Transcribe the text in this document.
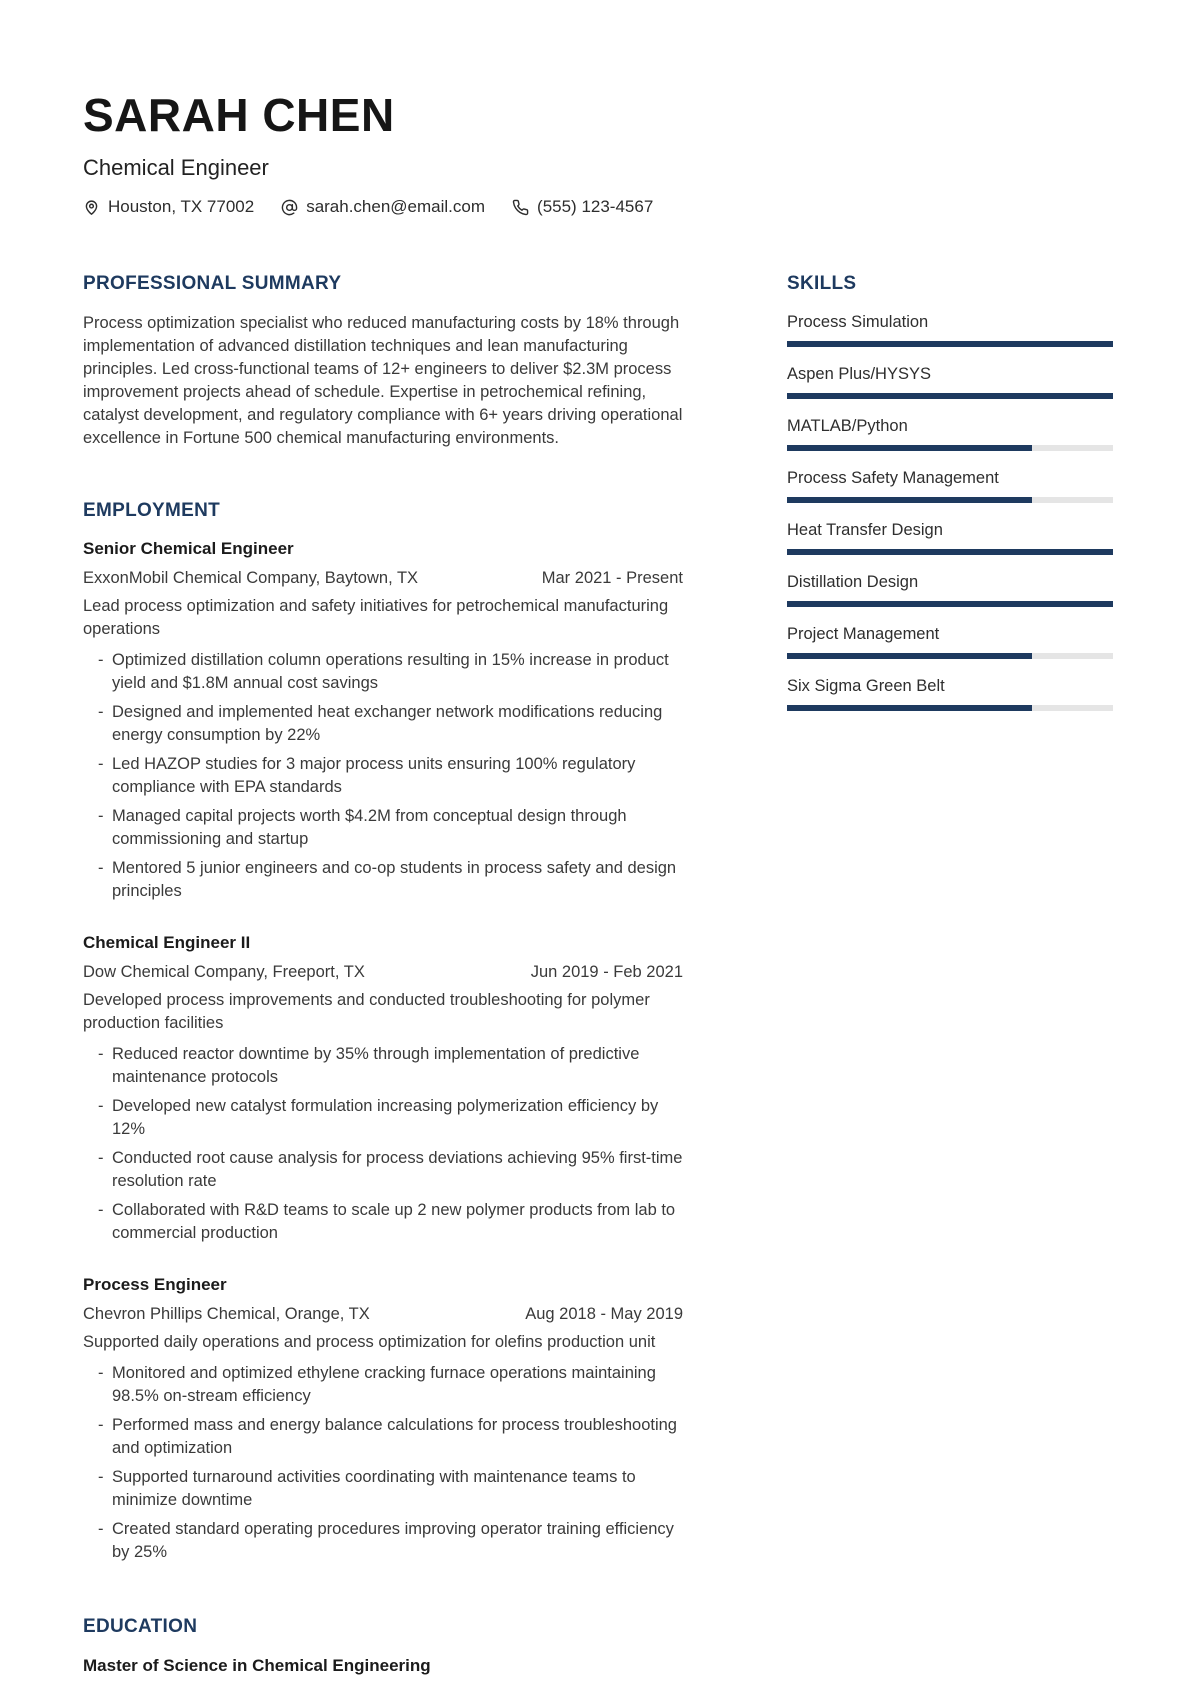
SARAH CHEN
Chemical Engineer
Houston, TX 77002	sarah.chen@email.com	(555) 123-4567
PROFESSIONAL SUMMARY

Process optimization specialist who reduced manufacturing costs by 18% through implementation of advanced distillation techniques and lean manufacturing principles. Led cross-functional teams of 12+ engineers to deliver $2.3M process improvement projects ahead of schedule. Expertise in petrochemical refining, catalyst development, and regulatory compliance with 6+ years driving operational excellence in Fortune 500 chemical manufacturing environments.

EMPLOYMENT
Senior Chemical Engineer
ExxonMobil Chemical Company, Baytown, TX	Mar 2021 - Present

Lead process optimization and safety initiatives for petrochemical manufacturing operations

- Optimized distillation column operations resulting in 15% increase in product yield and $1.8M annual cost savings
- Designed and implemented heat exchanger network modifications reducing energy consumption by 22%
- Led HAZOP studies for 3 major process units ensuring 100% regulatory compliance with EPA standards
- Managed capital projects worth $4.2M from conceptual design through commissioning and startup
- Mentored 5 junior engineers and co-op students in process safety and design principles
Chemical Engineer II
Dow Chemical Company, Freeport, TX	Jun 2019 - Feb 2021

Developed process improvements and conducted troubleshooting for polymer production facilities

- Reduced reactor downtime by 35% through implementation of predictive maintenance protocols
- Developed new catalyst formulation increasing polymerization efficiency by 12%
- Conducted root cause analysis for process deviations achieving 95% first-time resolution rate
- Collaborated with R&D teams to scale up 2 new polymer products from lab to commercial production
Process Engineer
Chevron Phillips Chemical, Orange, TX	Aug 2018 - May 2019

Supported daily operations and process optimization for olefins production unit

- Monitored and optimized ethylene cracking furnace operations maintaining 98.5% on-stream efficiency
- Performed mass and energy balance calculations for process troubleshooting and optimization
- Supported turnaround activities coordinating with maintenance teams to minimize downtime
- Created standard operating procedures improving operator training efficiency by 25%
EDUCATION
Master of Science in Chemical Engineering
SKILLS
Process Simulation
Aspen Plus/HYSYS
MATLAB/Python
Process Safety Management
Heat Transfer Design
Distillation Design
Project Management
Six Sigma Green Belt
